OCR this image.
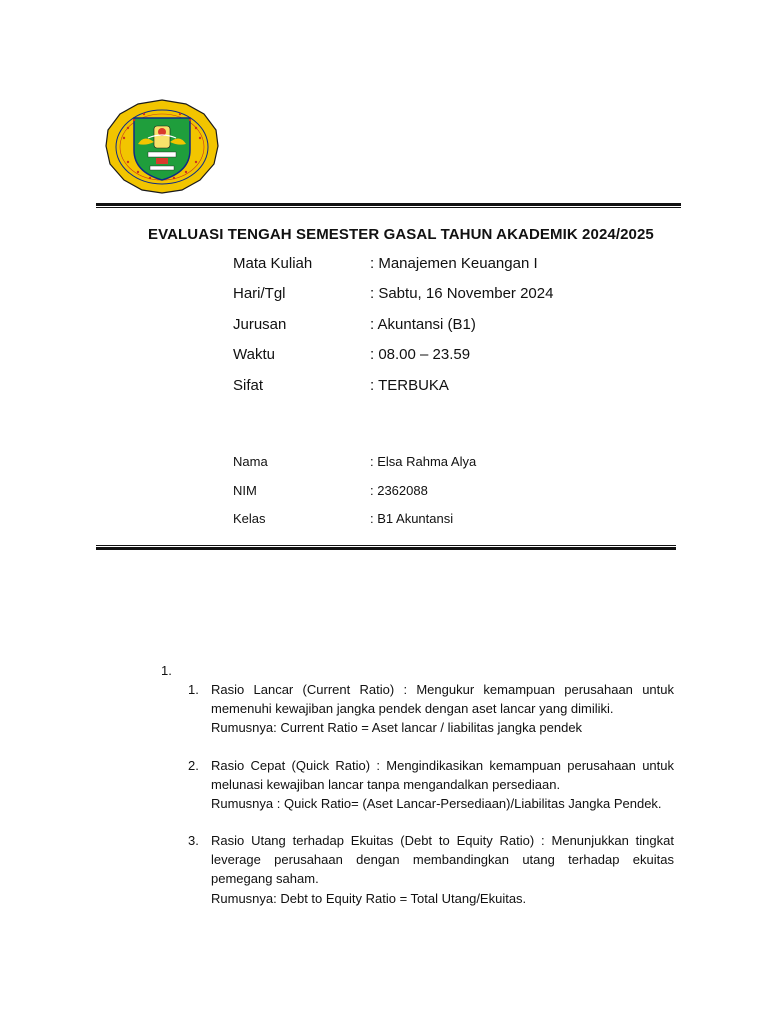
EVALUASI TENGAH SEMESTER GASAL TAHUN AKADEMIK 2024/2025
Mata Kuliah	: Manajemen Keuangan I
Hari/Tgl	: Sabtu, 16 November 2024
Jurusan	: Akuntansi (B1)
Waktu	: 08.00 – 23.59
Sifat	: TERBUKA
Nama	: Elsa Rahma Alya
NIM	: 2362088
Kelas	: B1 Akuntansi
1.
1. Rasio Lancar (Current Ratio) : Mengukur kemampuan perusahaan untuk memenuhi kewajiban jangka pendek dengan aset lancar yang dimiliki.
Rumusnya: Current Ratio = Aset lancar / liabilitas jangka pendek
2. Rasio Cepat (Quick Ratio) : Mengindikasikan kemampuan perusahaan untuk melunasi kewajiban lancar tanpa mengandalkan persediaan.
Rumusnya : Quick Ratio= (Aset Lancar-Persediaan)/Liabilitas Jangka Pendek.
3. Rasio Utang terhadap Ekuitas (Debt to Equity Ratio) : Menunjukkan tingkat leverage perusahaan dengan membandingkan utang terhadap ekuitas pemegang saham.
Rumusnya: Debt to Equity Ratio = Total Utang/Ekuitas.
